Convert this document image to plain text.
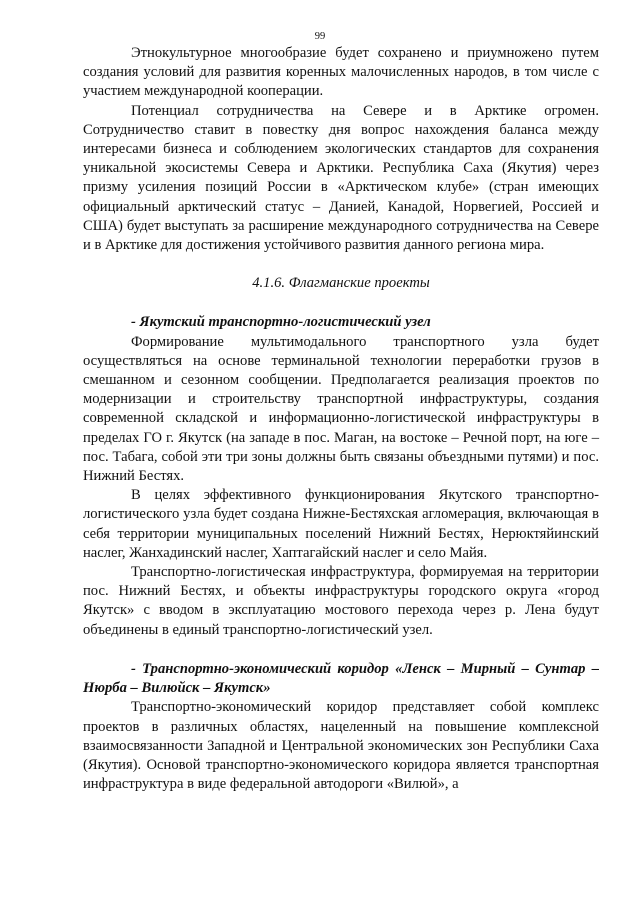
99

Этнокультурное многообразие будет сохранено и приумножено путем создания условий для развития коренных малочисленных народов, в том числе с участием международной кооперации.

Потенциал сотрудничества на Севере и в Арктике огромен. Сотрудничество ставит в повестку дня вопрос нахождения баланса между интересами бизнеса и соблюдением экологических стандартов для сохранения уникальной экосистемы Севера и Арктики. Республика Саха (Якутия) через призму усиления позиций России в «Арктическом клубе» (стран имеющих официальный арктический статус – Данией, Канадой, Норвегией, Россией и США) будет выступать за расширение международного сотрудничества на Севере и в Арктике для достижения устойчивого развития данного региона мира.

4.1.6. Флагманские проекты

- Якутский транспортно-логистический узел

Формирование мультимодального транспортного узла будет осуществляться на основе терминальной технологии переработки грузов в смешанном и сезонном сообщении. Предполагается реализация проектов по модернизации и строительству транспортной инфраструктуры, создания современной складской и информационно-логистической инфраструктуры в пределах ГО г. Якутск (на западе в пос. Маган, на востоке – Речной порт, на юге – пос. Табага, собой эти три зоны должны быть связаны объездными путями) и пос. Нижний Бестях.

В целях эффективного функционирования Якутского транспортно-логистического узла будет создана Нижне-Бестяхская агломерация, включающая в себя территории муниципальных поселений Нижний Бестях, Нерюктяйинский наслег, Жанхадинский наслег, Хаптагайский наслег и село Майя.

Транспортно-логистическая инфраструктура, формируемая на территории пос. Нижний Бестях, и объекты инфраструктуры городского округа «город Якутск» с вводом в эксплуатацию мостового перехода через р. Лена будут объединены в единый транспортно-логистический узел.

- Транспортно-экономический коридор «Ленск – Мирный – Сунтар – Нюрба – Вилюйск – Якутск»

Транспортно-экономический коридор представляет собой комплекс проектов в различных областях, нацеленный на повышение комплексной взаимосвязанности Западной и Центральной экономических зон Республики Саха (Якутия). Основой транспортно-экономического коридора является транспортная инфраструктура в виде федеральной автодороги «Вилюй», а
